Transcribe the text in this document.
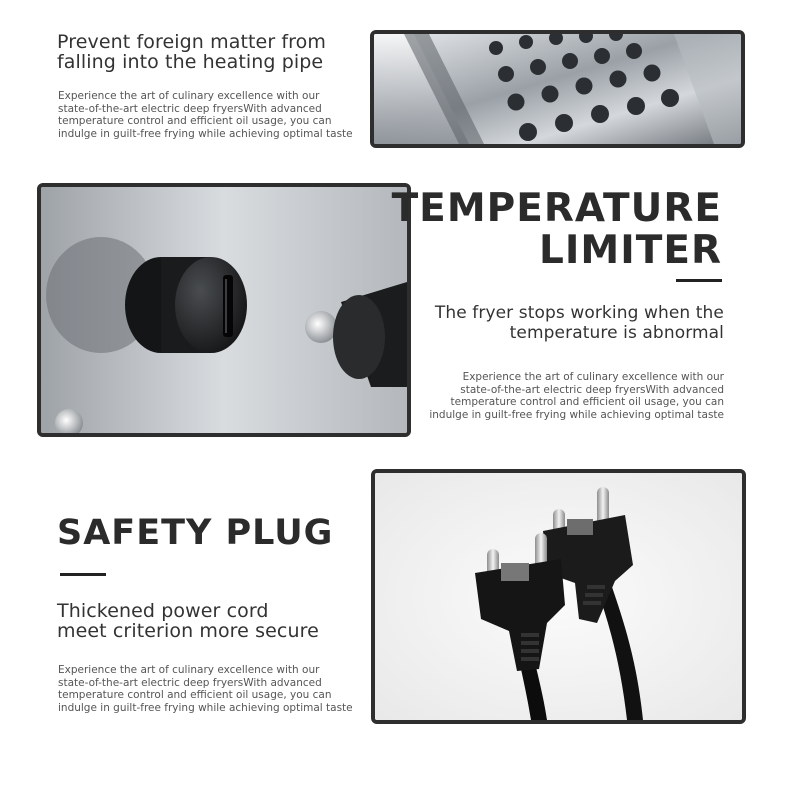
Prevent foreign matter from
falling into the heating pipe
Experience the art of culinary excellence with our
state-of-the-art electric deep fryersWith advanced
temperature control and efficient oil usage, you can
indulge in guilt-free frying while achieving optimal taste
TEMPERATURE
LIMITER
The fryer stops working when the
temperature is abnormal
Experience the art of culinary excellence with our
state-of-the-art electric deep fryersWith advanced
temperature control and efficient oil usage, you can
indulge in guilt-free frying while achieving optimal taste
SAFETY PLUG
Thickened power cord
meet criterion more secure
Experience the art of culinary excellence with our
state-of-the-art electric deep fryersWith advanced
temperature control and efficient oil usage, you can
indulge in guilt-free frying while achieving optimal taste
